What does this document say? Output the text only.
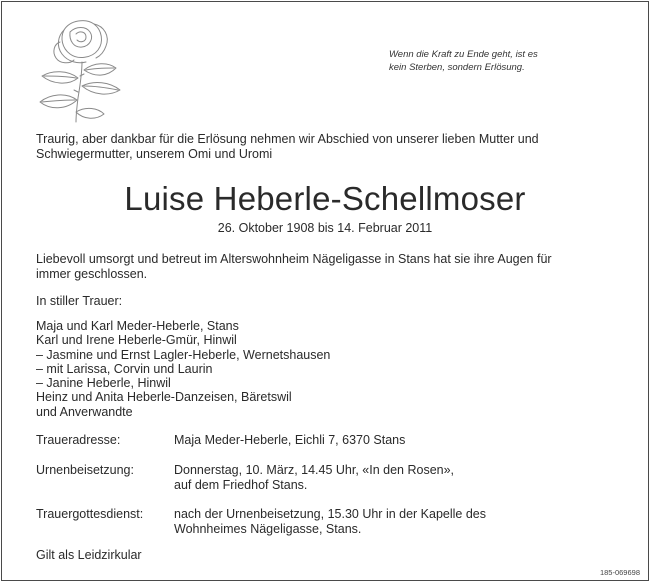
Wenn die Kraft zu Ende geht, ist es
kein Sterben, sondern Erlösung.
Traurig, aber dankbar für die Erlösung nehmen wir Abschied von unserer lieben Mutter und
Schwiegermutter, unserem Omi und Uromi
Luise Heberle-Schellmoser
26. Oktober 1908 bis 14. Februar 2011
Liebevoll umsorgt und betreut im Alterswohnheim Nägeligasse in Stans hat sie ihre Augen für
immer geschlossen.
In stiller Trauer:
Maja und Karl Meder-Heberle, Stans
Karl und Irene Heberle-Gmür, Hinwil
– Jasmine und Ernst Lagler-Heberle, Wernetshausen
– mit Larissa, Corvin und Laurin
– Janine Heberle, Hinwil
Heinz und Anita Heberle-Danzeisen, Bäretswil
und Anverwandte
Traueradresse:	Maja Meder-Heberle, Eichli 7, 6370 Stans
Urnenbeisetzung:	Donnerstag, 10. März, 14.45 Uhr, «In den Rosen»,
auf dem Friedhof Stans.
Trauergottesdienst: nach der Urnenbeisetzung, 15.30 Uhr in der Kapelle des
Wohnheimes Nägeligasse, Stans.
Gilt als Leidzirkular
185-069698
